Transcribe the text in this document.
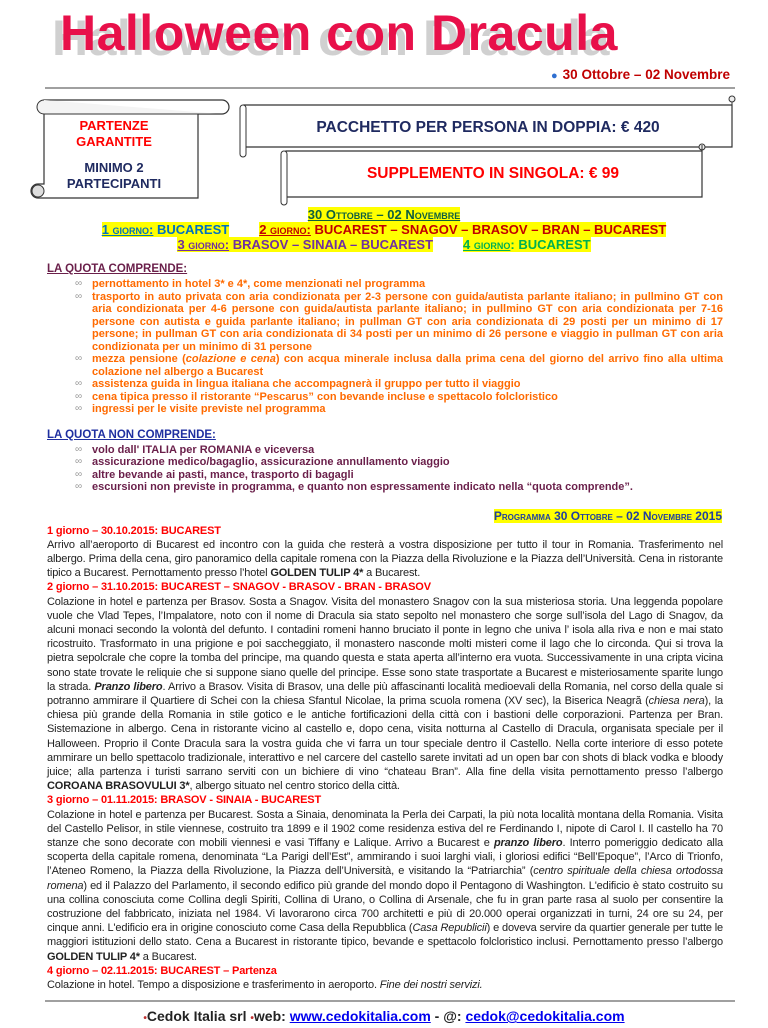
Halloween con Dracula
● 30 Ottobre – 02 Novembre
PARTENZE
GARANTITE
MINIMO 2
PARTECIPANTI
PACCHETTO PER PERSONA IN DOPPIA: € 420
SUPPLEMENTO IN SINGOLA: € 99
30 Ottobre – 02 Novembre
1 giorno: BUCAREST 2 giorno: BUCAREST – SNAGOV – BRASOV – BRAN – BUCAREST
3 giorno: BRASOV – SINAIA – BUCAREST 4 giorno: BUCAREST
LA QUOTA COMPRENDE:
∞ pernottamento in hotel 3* e 4*, come menzionati nel programma
∞ trasporto in auto privata con aria condizionata per 2-3 persone con guida/autista parlante italiano; in pullmino GT con aria condizionata per 4-6 persone con guida/autista parlante italiano; in pullmino GT con aria condizionata per 7-16 persone con autista e guida parlante italiano; in pullman GT con aria condizionata di 29 posti per un minimo di 17 persone; in pullman GT con aria condizionata di 34 posti per un minimo di 26 persone e viaggio in pullman GT con aria condizionata per un minimo di 31 persone
∞ mezza pensione (colazione e cena) con acqua minerale inclusa dalla prima cena del giorno del arrivo fino alla ultima colazione nel albergo a Bucarest
∞ assistenza guida in lingua italiana che accompagnerà il gruppo per tutto il viaggio
∞ cena tipica presso il ristorante “Pescarus” con bevande incluse e spettacolo folcloristico
∞ ingressi per le visite previste nel programma
LA QUOTA NON COMPRENDE:
∞ volo dall' ITALIA per ROMANIA e viceversa
∞ assicurazione medico/bagaglio, assicurazione annullamento viaggio
∞ altre bevande ai pasti, mance, trasporto di bagagli
∞ escursioni non previste in programma, e quanto non espressamente indicato nella “quota comprende”.
Programma 30 Ottobre – 02 Novembre 2015
1 giorno – 30.10.2015: BUCAREST
Arrivo all’aeroporto di Bucarest ed incontro con la guida che resterà a vostra disposizione per tutto il tour in Romania. Trasferimento nel albergo. Prima della cena, giro panoramico della capitale romena con la Piazza della Rivoluzione e la Piazza dell’Università. Cena in ristorante tipico a Bucarest. Pernottamento presso l’hotel GOLDEN TULIP 4* a Bucarest.
2 giorno – 31.10.2015: BUCAREST – SNAGOV - BRASOV - BRAN - BRASOV
Colazione in hotel e partenza per Brasov. Sosta a Snagov. Visita del monastero Snagov con la sua misteriosa storia. Una leggenda popolare vuole che Vlad Tepes, l’Impalatore, noto con il nome di Dracula sia stato sepolto nel monastero che sorge sull’isola del Lago di Snagov, da alcuni monaci secondo la volontà del defunto. I contadini romeni hanno bruciato il ponte in legno che univa l’ isola alla riva e non e mai stato ricostruito. Trasformato in una prigione e poi saccheggiato, il monastero nasconde molti misteri come il lago che lo circonda. Qui si trova la pietra sepolcrale che copre la tomba del principe, ma quando questa e stata aperta all’interno era vuota. Successivamente in una cripta vicina sono state trovate le reliquie che si suppone siano quelle del principe. Esse sono state trasportate a Bucarest e misteriosamente sparite lungo la strada. Pranzo libero. Arrivo a Brasov. Visita di Brasov, una delle più affascinanti località medioevali della Romania, nel corso della quale si potranno ammirare il Quartiere di Schei con la chiesa Sfantul Nicolae, la prima scuola romena (XV sec), la Biserica Neagră (chiesa nera), la chiesa più grande della Romania in stile gotico e le antiche fortificazioni della città con i bastioni delle corporazioni. Partenza per Bran. Sistemazione in albergo. Cena in ristorante vicino al castello e, dopo cena, visita notturna al Castello di Dracula, organisata speciale per il Halloween. Proprio il Conte Dracula sara la vostra guida che vi farra un tour speciale dentro il Castello. Nella corte interiore di esso potete ammirare un bello spettacolo tradizionale, interattivo e nel carcere del castello sarete invitati ad un open bar con shots di black vodka e bloody juice; alla partenza i turisti sarrano serviti con un bichiere di vino “chateau Bran”. Alla fine della visita pernottamento presso l’albergo COROANA BRASOVULUI 3*, albergo situato nel centro storico della città.
3 giorno – 01.11.2015: BRASOV - SINAIA - BUCAREST
Colazione in hotel e partenza per Bucarest. Sosta a Sinaia, denominata la Perla dei Carpati, la più nota località montana della Romania. Visita del Castello Pelisor, in stile viennese, costruito tra 1899 e il 1902 come residenza estiva del re Ferdinando I, nipote di Carol I. Il castello ha 70 stanze che sono decorate con mobili viennesi e vasi Tiffany e Lalique. Arrivo a Bucarest e pranzo libero. Interro pomeriggio dedicato alla scoperta della capitale romena, denominata “La Parigi dell’Est”, ammirando i suoi larghi viali, i gloriosi edifici “Bell’Epoque”, l’Arco di Trionfo, l’Ateneo Romeno, la Piazza della Rivoluzione, la Piazza dell’Università, e visitando la “Patriarchia” (centro spirituale della chiesa ortodossa romena) ed il Palazzo del Parlamento, il secondo edifico più grande del mondo dopo il Pentagono di Washington. L'edificio è stato costruito su una collina conosciuta come Collina degli Spiriti, Collina di Urano, o Collina di Arsenale, che fu in gran parte rasa al suolo per consentire la costruzione del fabbricato, iniziata nel 1984. Vi lavorarono circa 700 architetti e più di 20.000 operai organizzati in turni, 24 ore su 24, per cinque anni. L'edificio era in origine conosciuto come Casa della Repubblica (Casa Republicii) e doveva servire da quartier generale per tutte le maggiori istituzioni dello stato. Cena a Bucarest in ristorante tipico, bevande e spettacolo folcloristico inclusi. Pernottamento presso l’albergo GOLDEN TULIP 4* a Bucarest.
4 giorno – 02.11.2015: BUCAREST – Partenza
Colazione in hotel. Tempo a disposizione e trasferimento in aeroporto. Fine dei nostri servizi.
•Cedok Italia srl •web: www.cedokitalia.com - @: cedok@cedokitalia.com
